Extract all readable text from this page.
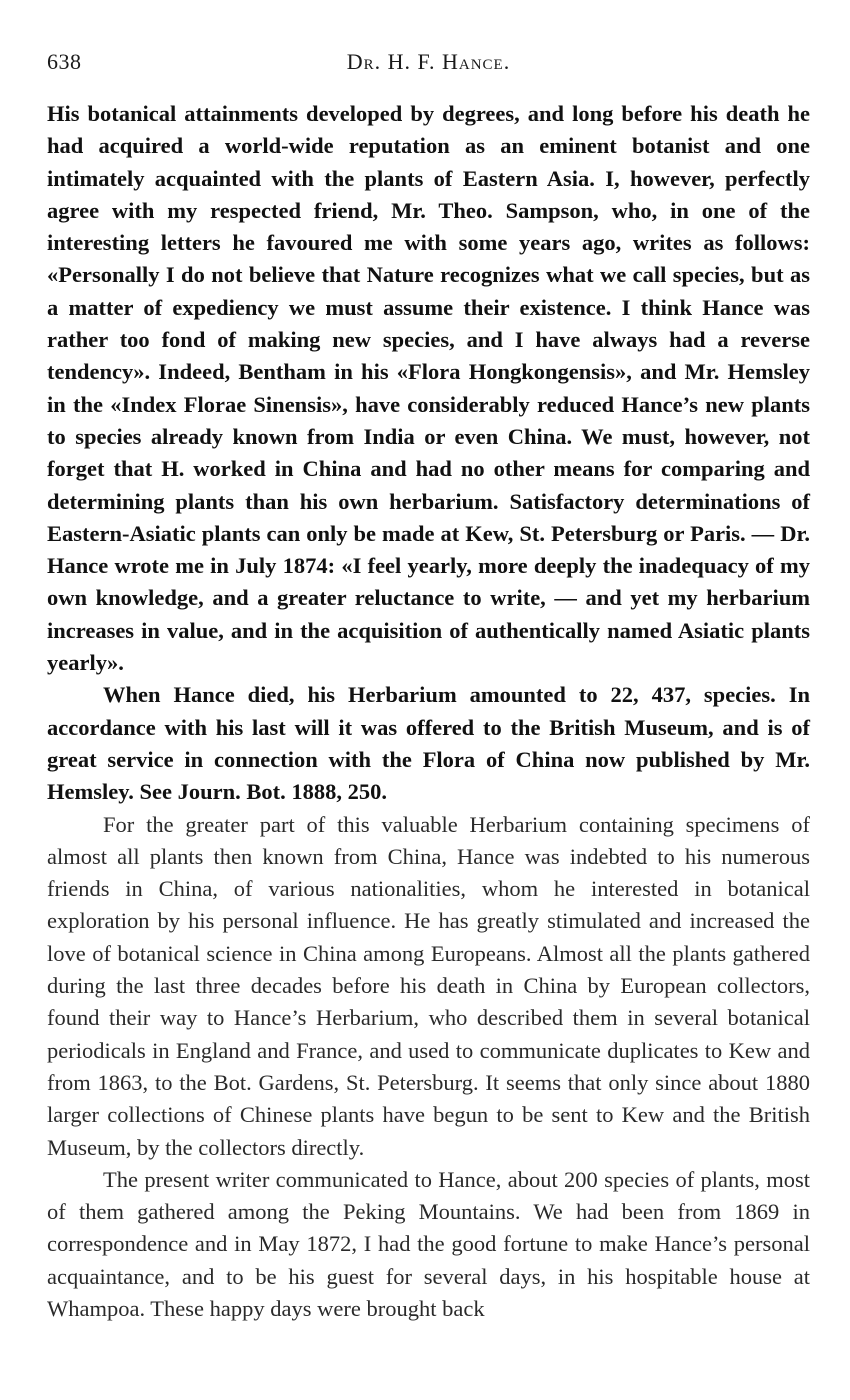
638	Dr. H. F. Hance.

His botanical attainments developed by degrees, and long before his death he had acquired a world-wide reputation as an eminent botanist and one intimately acquainted with the plants of Eastern Asia. I, however, perfectly agree with my respected friend, Mr. Theo. Sampson, who, in one of the interesting letters he favoured me with some years ago, writes as follows: «Personally I do not believe that Nature recognizes what we call species, but as a matter of expediency we must assume their existence. I think Hance was rather too fond of making new species, and I have always had a reverse tendency». Indeed, Bentham in his «Flora Hongkongensis», and Mr. Hemsley in the «Index Florae Sinensis», have considerably reduced Hance’s new plants to species already known from India or even China. We must, however, not forget that H. worked in China and had no other means for comparing and determining plants than his own herbarium. Satisfactory determinations of Eastern-Asiatic plants can only be made at Kew, St. Petersburg or Paris. — Dr. Hance wrote me in July 1874: «I feel yearly, more deeply the inadequacy of my own knowledge, and a greater reluctance to write, — and yet my herbarium increases in value, and in the acquisition of authentically named Asiatic plants yearly».

When Hance died, his Herbarium amounted to 22, 437, species. In accordance with his last will it was offered to the British Museum, and is of great service in connection with the Flora of China now published by Mr. Hemsley. See Journ. Bot. 1888, 250.

For the greater part of this valuable Herbarium containing specimens of almost all plants then known from China, Hance was indebted to his numerous friends in China, of various nationalities, whom he interested in botanical exploration by his personal influence. He has greatly stimulated and increased the love of botanical science in China among Europeans. Almost all the plants gathered during the last three decades before his death in China by European collectors, found their way to Hance’s Herbarium, who described them in several botanical periodicals in England and France, and used to communicate duplicates to Kew and from 1863, to the Bot. Gardens, St. Petersburg. It seems that only since about 1880 larger collections of Chinese plants have begun to be sent to Kew and the British Museum, by the collectors directly.

The present writer communicated to Hance, about 200 species of plants, most of them gathered among the Peking Mountains. We had been from 1869 in correspondence and in May 1872, I had the good fortune to make Hance’s personal acquaintance, and to be his guest for several days, in his hospitable house at Whampoa. These happy days were brought back
